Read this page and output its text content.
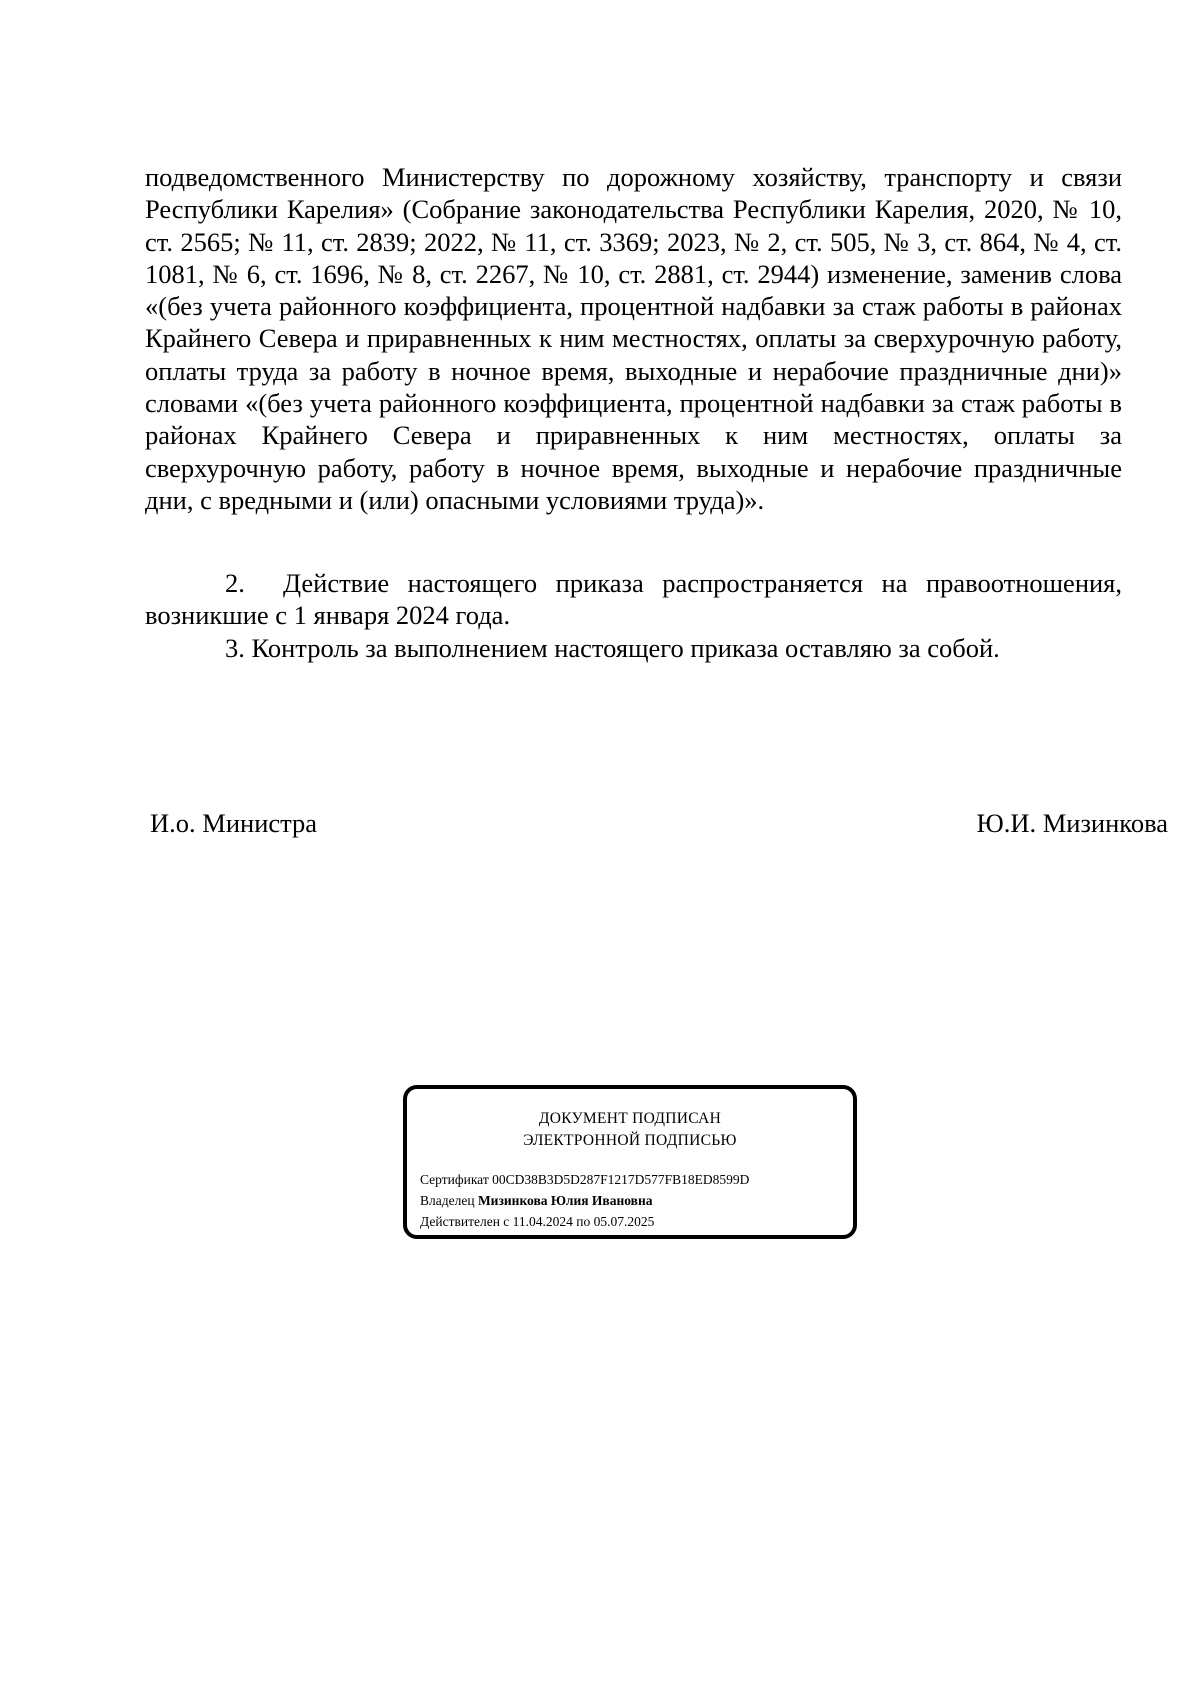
подведомственного Министерству по дорожному хозяйству, транспорту и связи Республики Карелия» (Собрание законодательства Республики Карелия, 2020, № 10, ст. 2565; № 11, ст. 2839; 2022, № 11, ст. 3369; 2023, № 2, ст. 505, № 3, ст. 864, № 4, ст. 1081, № 6, ст. 1696, № 8, ст. 2267, № 10, ст. 2881, ст. 2944) изменение, заменив слова «(без учета районного коэффициента, процентной надбавки за стаж работы в районах Крайнего Севера и приравненных к ним местностях, оплаты за сверхурочную работу, оплаты труда за работу в ночное время, выходные и нерабочие праздничные дни)» словами «(без учета районного коэффициента, процентной надбавки за стаж работы в районах Крайнего Севера и приравненных к ним местностях, оплаты за сверхурочную работу, работу в ночное время, выходные и нерабочие праздничные дни, с вредными и (или) опасными условиями труда)».
2. Действие настоящего приказа распространяется на правоотношения, возникшие с 1 января 2024 года.
3. Контроль за выполнением настоящего приказа оставляю за собой.
И.о. Министра	Ю.И. Мизинкова
ДОКУМЕНТ ПОДПИСАН
ЭЛЕКТРОННОЙ ПОДПИСЬЮ
Сертификат 00CD38B3D5D287F1217D577FB18ED8599D
Владелец Мизинкова Юлия Ивановна
Действителен с 11.04.2024 по 05.07.2025
